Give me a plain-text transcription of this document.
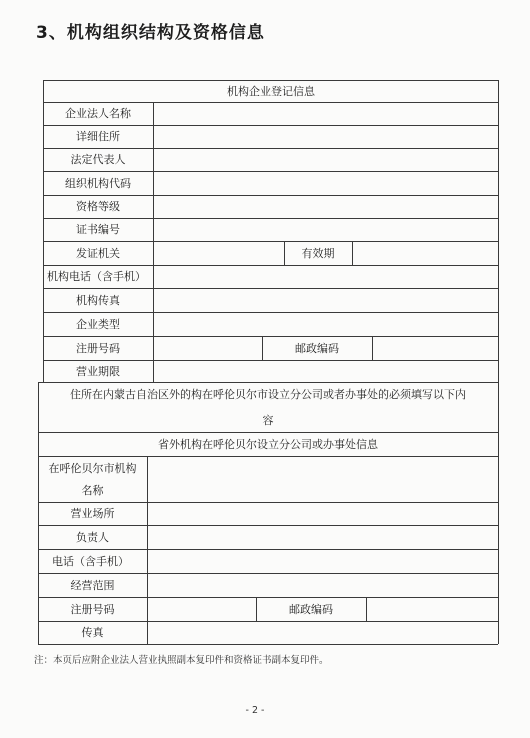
3、机构组织结构及资格信息
机构企业登记信息
企业法人名称
详细住所
法定代表人
组织机构代码
资格等级
证书编号
发证机关	有效期
机构电话（含手机）
机构传真
企业类型
注册号码	邮政编码
营业期限
住所在内蒙古自治区外的构在呼伦贝尔市设立分公司或者办事处的必须填写以下内
容
省外机构在呼伦贝尔设立分公司或办事处信息
在呼伦贝尔市机构
名称
营业场所
负责人
电话（含手机）
经营范围
注册号码	邮政编码
传真
注：本页后应附企业法人营业执照副本复印件和资格证书副本复印件。
- 2 -
